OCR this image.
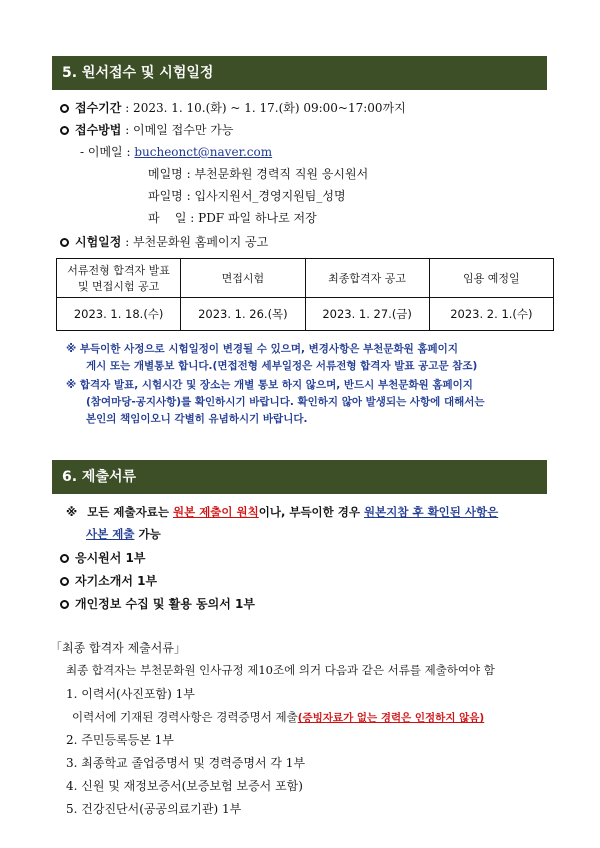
5. 원서접수 및 시험일정
접수기간 : 2023. 1. 10.(화) ~ 1. 17.(화) 09:00~17:00까지
접수방법 : 이메일 접수만 가능
- 이메일 : bucheonct@naver.com
메일명 : 부천문화원 경력직 직원 응시원서
파일명 : 입사지원서_경영지원팀_성명
파    일 : PDF 파일 하나로 저장
시험일정 : 부천문화원 홈페이지 공고
서류전형 합격자 발표
및 면접시험 공고	면접시험	최종합격자 공고	임용 예정일
2023. 1. 18.(수)	2023. 1. 26.(목)	2023. 1. 27.(금)	2023. 2. 1.(수)
※ 부득이한 사정으로 시험일정이 변경될 수 있으며, 변경사항은 부천문화원 홈페이지
게시 또는 개별통보 합니다.(면접전형 세부일정은 서류전형 합격자 발표 공고문 참조)
※ 합격자 발표, 시험시간 및 장소는 개별 통보 하지 않으며, 반드시 부천문화원 홈페이지
(참여마당-공지사항)를 확인하시기 바랍니다. 확인하지 않아 발생되는 사항에 대해서는
본인의 책임이오니 각별히 유념하시기 바랍니다.
6. 제출서류
※ 모든 제출자료는 원본 제출이 원칙이나, 부득이한 경우 원본지참 후 확인된 사항은
사본 제출 가능
응시원서 1부
자기소개서 1부
개인정보 수집 및 활용 동의서 1부
「최종 합격자 제출서류」
최종 합격자는 부천문화원 인사규정 제10조에 의거 다음과 같은 서류를 제출하여야 함
1. 이력서(사진포함) 1부
이력서에 기재된 경력사항은 경력증명서 제출(증빙자료가 없는 경력은 인정하지 않음)
2. 주민등록등본 1부
3. 최종학교 졸업증명서 및 경력증명서 각 1부
4. 신원 및 재정보증서(보증보험 보증서 포함)
5. 건강진단서(공공의료기관) 1부
